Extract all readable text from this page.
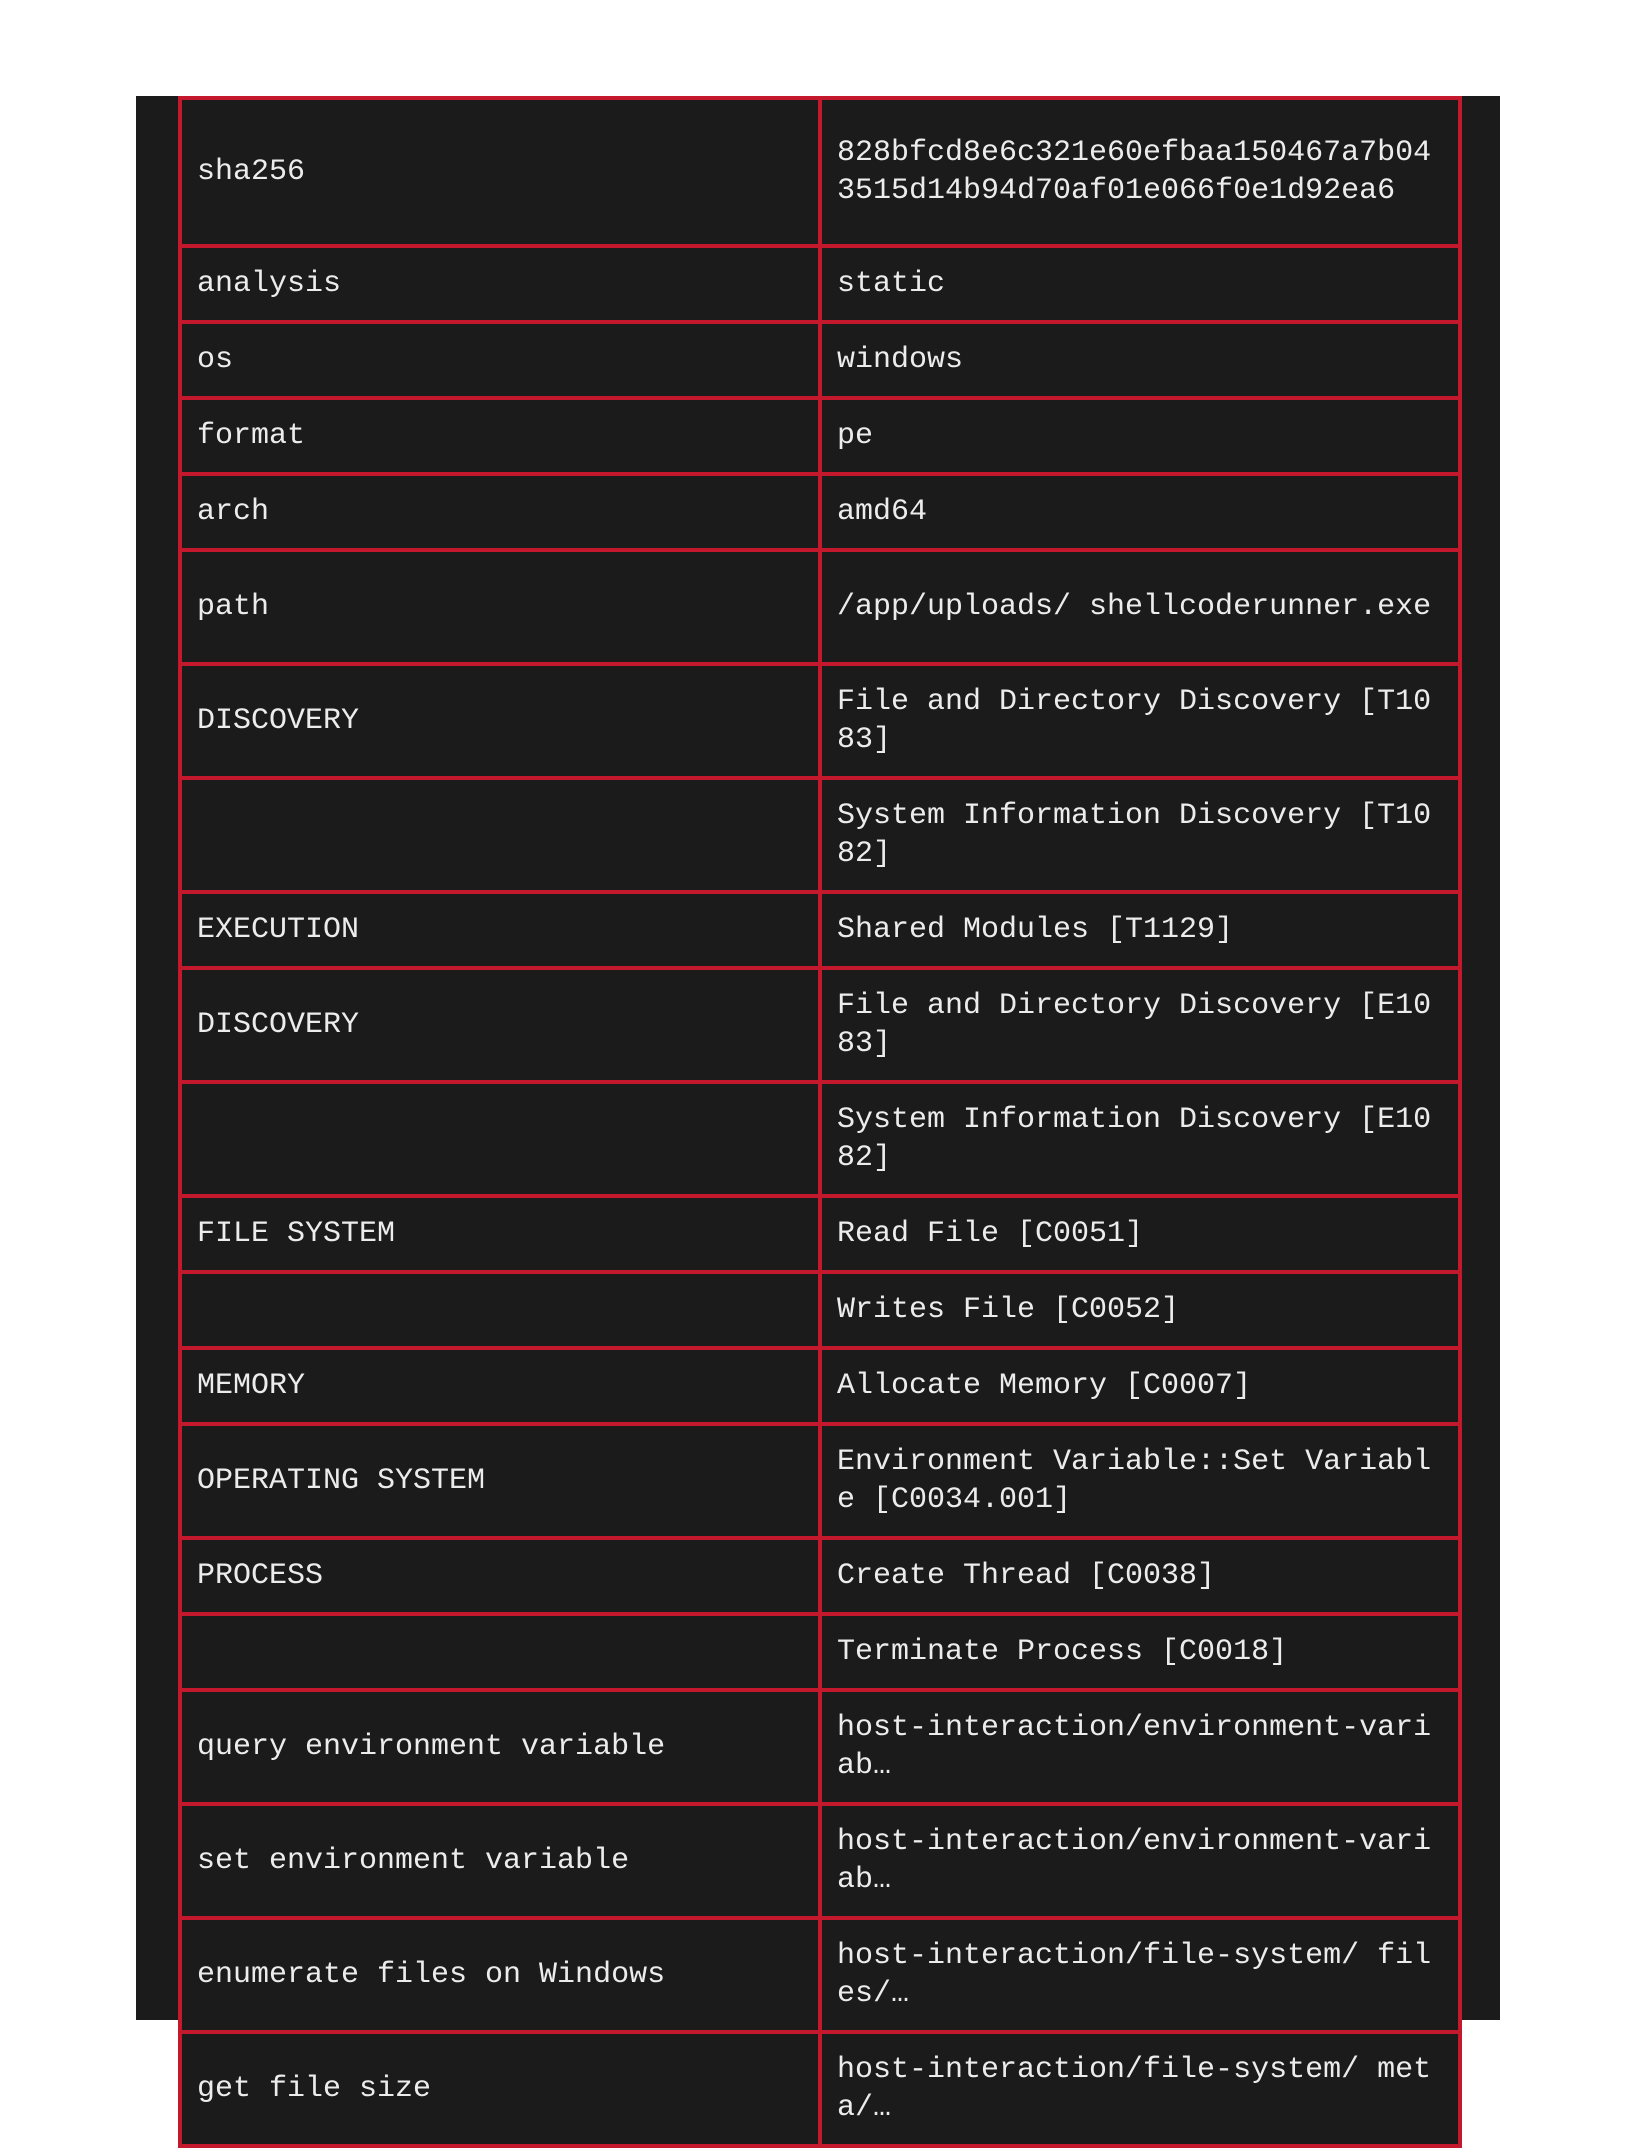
sha256	828bfcd8e6c321e60efbaa150467a7b043515d14b94d70af01e066f0e1d92ea6
analysis	static
os	windows
format	pe
arch	amd64
path	/app/uploads/ shellcoderunner.exe
DISCOVERY	File and Directory Discovery [T1083]
	System Information Discovery [T1082]
EXECUTION	Shared Modules [T1129]
DISCOVERY	File and Directory Discovery [E1083]
	System Information Discovery [E1082]
FILE SYSTEM	Read File [C0051]
	Writes File [C0052]
MEMORY	Allocate Memory [C0007]
OPERATING SYSTEM	Environment Variable::Set Variable [C0034.001]
PROCESS	Create Thread [C0038]
	Terminate Process [C0018]
query environment variable	host-interaction/environment-variab…
set environment variable	host-interaction/environment-variab…
enumerate files on Windows	host-interaction/file-system/ files/…
get file size	host-interaction/file-system/ meta/…
